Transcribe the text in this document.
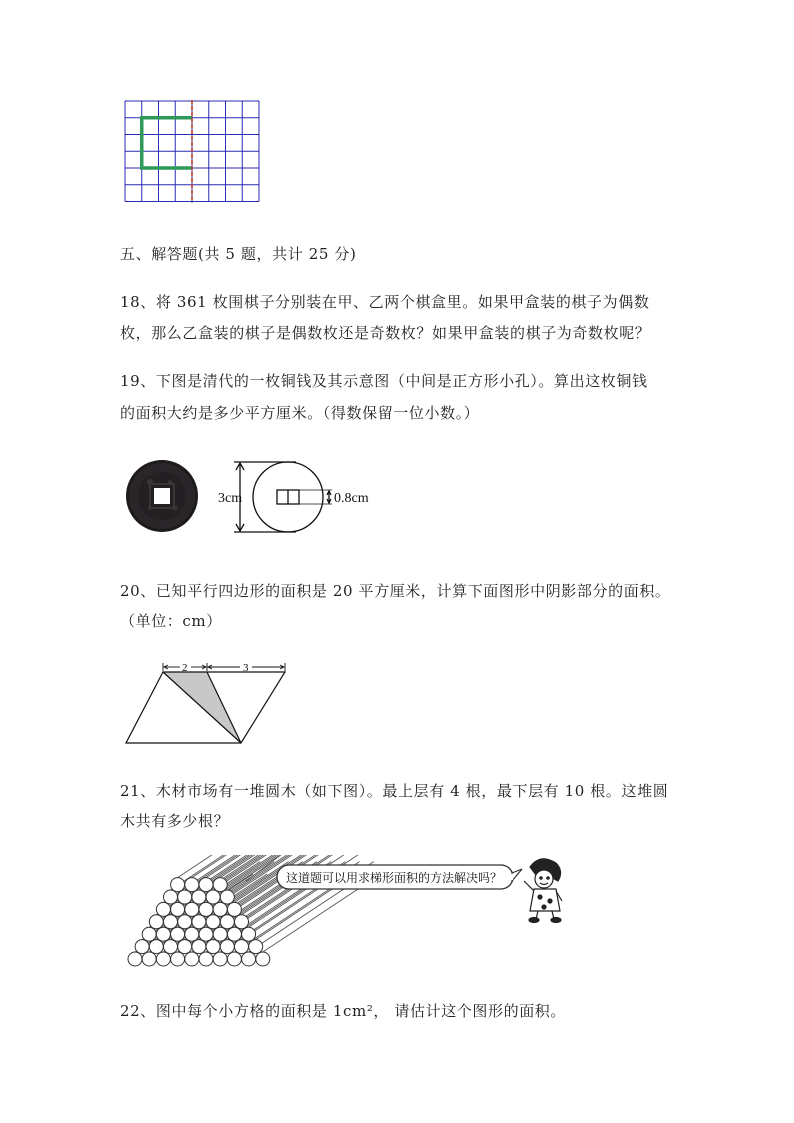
五、解答题(共 5 题，共计 25 分)
18、将 361 枚围棋子分别装在甲、乙两个棋盒里。如果甲盒装的棋子为偶数
枚，那么乙盒装的棋子是偶数枚还是奇数枚？如果甲盒装的棋子为奇数枚呢？
19、下图是清代的一枚铜钱及其示意图（中间是正方形小孔）。算出这枚铜钱
的面积大约是多少平方厘米。（得数保留一位小数。）
3cm	0.8cm
20、已知平行四边形的面积是 20 平方厘米，计算下面图形中阴影部分的面积。
（单位：cm）
2	3
21、木材市场有一堆圆木（如下图）。最上层有 4 根，最下层有 10 根。这堆圆
木共有多少根？
这道题可以用求梯形面积的方法解决吗？
22、图中每个小方格的面积是 1cm²， 请估计这个图形的面积。
